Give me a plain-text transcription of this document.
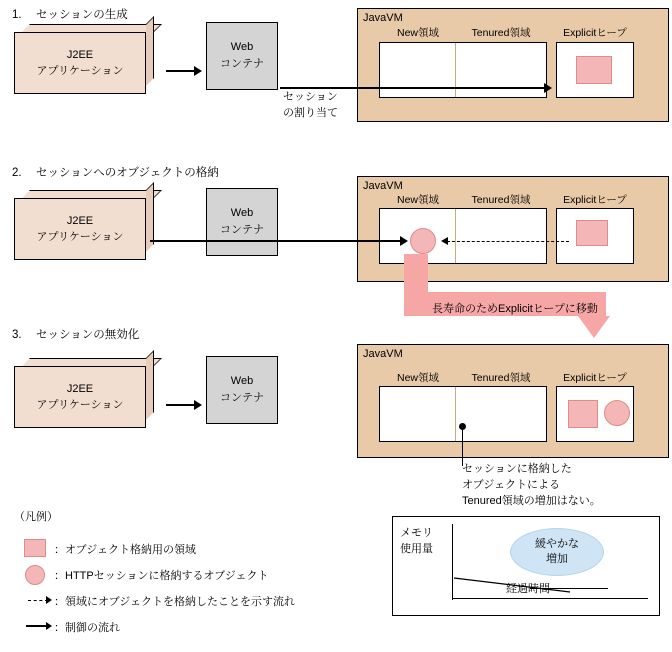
1. セッションの生成
J2EE
アプリケーション
Web
コンテナ
JavaVM
New領域	Tenured領域	Explicitヒープ
セッション
の割り当て
2. セッションへのオブジェクトの格納
J2EE
アプリケーション
Web
コンテナ
JavaVM
New領域	Tenured領域	Explicitヒープ
長寿命のためExplicitヒープに移動
3. セッションの無効化
J2EE
アプリケーション
Web
コンテナ
JavaVM
New領域	Tenured領域	Explicitヒープ
セッションに格納した
オブジェクトによる
Tenured領域の増加はない。
メモリ
使用量	緩やかな
増加
経過時間
（凡例）
：オブジェクト格納用の領域
：HTTPセッションに格納するオブジェクト
：領域にオブジェクトを格納したことを示す流れ
：制御の流れ
